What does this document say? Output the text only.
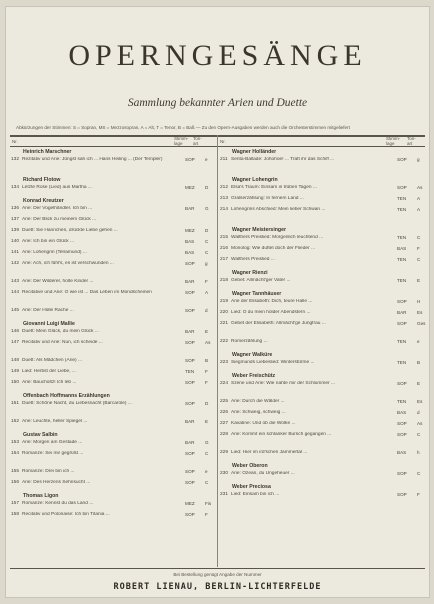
OPERNGESÄNGE
Sammlung bekannter Arien und Duette
Abkürzungen der Stimmen: S = Sopran, MS = Mezzosopran, A = Alt, T = Tenor, B = Baß — Zu den Opern-Ausgaben werden auch die Orchesterstimmen mitgeliefert
Nr.
Stimm-lage
Ton-art	Nr.
Stimm-lage
Ton-art
Heinrich Marschner
132 Rezitativ und Arie: Jüngst sah ich ... Hans Heiling ... (Der Templer)	SOP	e
Richard Flotow
134 Letzte Rose (Lied) aus Martha ...	MEZ	D
Konrad Kreutzer
136 Arie: Der Vogelhändler. Ich bin ...	BAR	G
137 Arie: Der Blick zu meinem Glück ...
139 Duett: Sie Hannchen, drückte Liebe gehen ...	MEZ	D
140 Arie: Ich bin ein Glück ...	BAS	C
141 Arie: Lohengrin (Telramund) ...	BAS	C
142 Arie: Ach, ich fühl's, es ist verschwunden ...	SOP	g
143 Arie: Der Wilderer, holte Kinder ...	BAR	F
144 Recitative und Arie: O wie ist ... Das Leben im Mondscheinen	SOP	A
145 Arie: Der Hülle Rache ...	SOP	d
Giovanni Luigi Mallie
146 Duett: Mein Glück, du mein Glück ...	BAR	E
147 Recitativ und Arie: Nun, ich scheide ...	SOP	As
148 Duett: Als Mädchen (Arie) ...	SOP	B
149 Lied: Herbst der Liebe, ...	TEN	F
150 Arie: Baucholtz! Ich leb ...	SOP	F
Offenbach Hoffmanns Erzählungen
151 Duett: Schöne Nacht, du Liebesnacht (Barcarole) ...	SOP	D
152 Arie: Leuchte, heller Spiegel ...	BAR	E
Gustav Salbin
153 Arie: Morgen am Gestade ...	BAR	G
154 Romanze: Sei mir gegrüßt ...	SOP	C
155 Romanze: Drei bin ich ...	SOP	e
156 Arie: Des Herzens Sehnsucht ...	SOP	C
Thomas Ligon
157 Romanze: Kennst du das Land ...	MEZ	Fis
158 Recitativ und Polonaise: Ich bin Titania ...	SOP	F
Wagner Holländer
211 Senta-Ballade: Johohoe! ... Traft ihr das Schiff ...	SOP	g
Wagner Lohengrin
212 Elsa's Traum: Einsam in trüben Tagen ...	SOP	As
213 Gralserzählung: In fernem Land ...	TEN	A
214 Lohengrins Abschied: Mein lieber Schwan ...	TEN	A
Wagner Meistersinger
215 Walthers Preislied: Morgenlich leuchtend ...	TEN	C
216 Monolog: Wie duftet doch der Flieder ...	BAS	F
217 Walthers Preislied ...	TEN	C
Wagner Rienzi
218 Gebet: Allmächt'ger Vater ...	TEN	E
Wagner Tannhäuser
219 Arie der Elisabeth: Dich, teure Halle ...	SOP	H
220 Lied: O du mein holder Abendstern ...	BAR	Es
221 Gebet der Elisabeth: Allmächt'ge Jungfrau ...	SOP	Ges
222 Romerzählung ...	TEN	e
Wagner Walküre
223 Siegmunds Liebeslied: Winterstürme ...	TEN	B
Weber Freischütz
224 Szene und Arie: Wie nahte mir der Schlummer ...	SOP	E
225 Arie: Durch die Wälder ...	TEN	Es
226 Arie: Schweig, schweig ...	BAS	d
227 Kavatine: Und ob die Wolke ...	SOP	As
228 Arie: Kommt ein schlanker Bursch gegangen ...	SOP	C
229 Lied: Hier im ird'schen Jammertal ...	BAS	h
Weber Oberon
230 Arie: Ozean, du Ungeheuer ...	SOP	C
Weber Preciosa
231 Lied: Einsam bin ich ...	SOP	F
Bei Bestellung genügt Angabe der Nummer
ROBERT LIENAU, BERLIN-LICHTERFELDE
